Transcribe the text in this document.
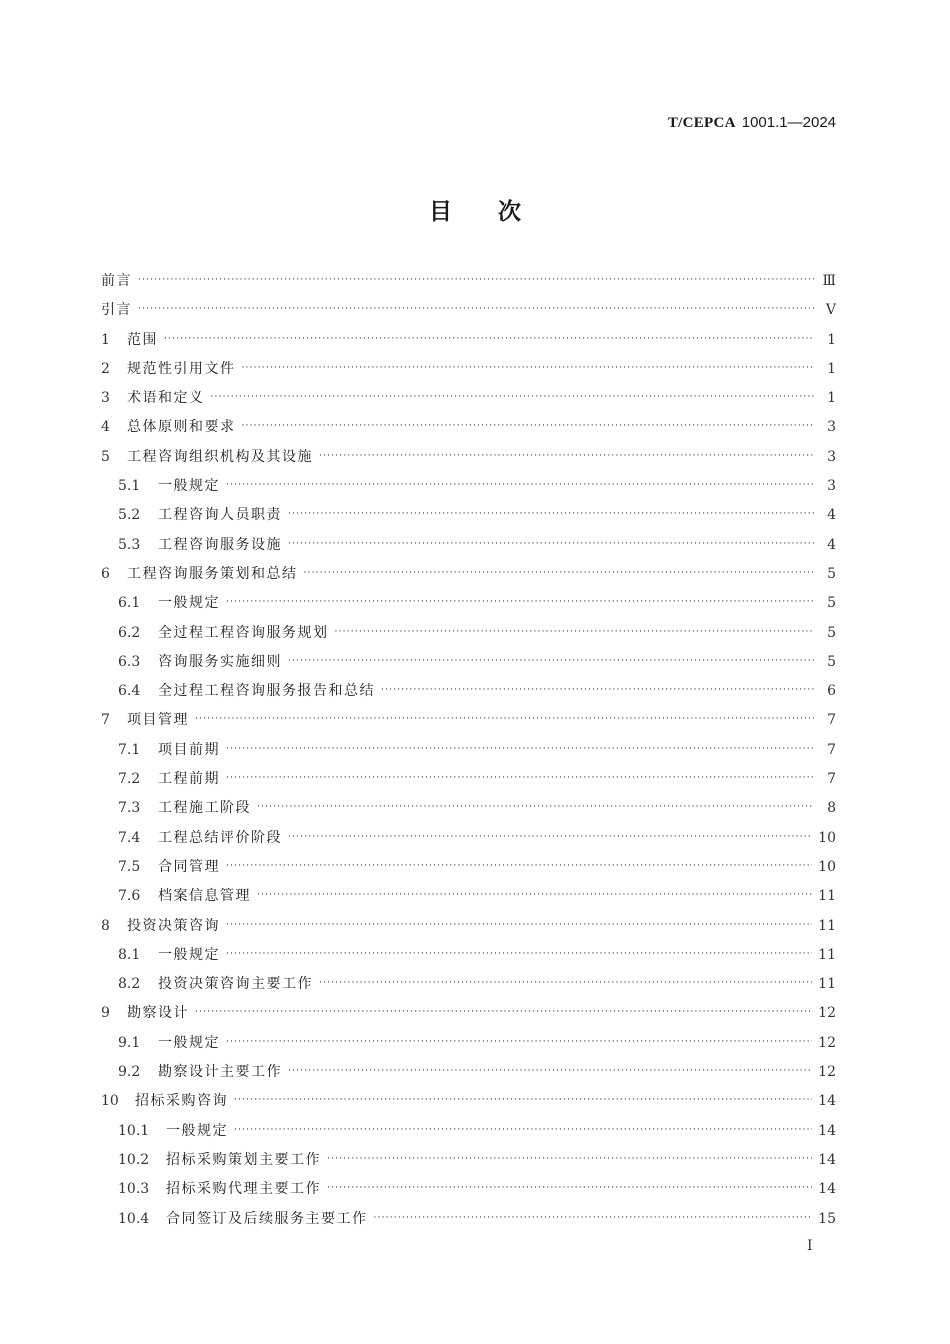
T/CEPCA 1001.1—2024
目次
前言 ·····	Ⅲ
引言 ·····	Ⅴ
1 范围 ·····	1
2 规范性引用文件 ·····	1
3 术语和定义 ·····	1
4 总体原则和要求 ·····	3
5 工程咨询组织机构及其设施 ·····	3
5.1 一般规定 ·····	3
5.2 工程咨询人员职责 ·····	4
5.3 工程咨询服务设施 ·····	4
6 工程咨询服务策划和总结 ·····	5
6.1 一般规定 ·····	5
6.2 全过程工程咨询服务规划 ·····	5
6.3 咨询服务实施细则 ·····	5
6.4 全过程工程咨询服务报告和总结 ·····	6
7 项目管理 ·····	7
7.1 项目前期 ·····	7
7.2 工程前期 ·····	7
7.3 工程施工阶段 ·····	8
7.4 工程总结评价阶段 ·····	10
7.5 合同管理 ·····	10
7.6 档案信息管理 ·····	11
8 投资决策咨询 ·····	11
8.1 一般规定 ·····	11
8.2 投资决策咨询主要工作 ·····	11
9 勘察设计 ·····	12
9.1 一般规定 ·····	12
9.2 勘察设计主要工作 ·····	12
10 招标采购咨询 ·····	14
10.1 一般规定 ·····	14
10.2 招标采购策划主要工作 ·····	14
10.3 招标采购代理主要工作 ·····	14
10.4 合同签订及后续服务主要工作 ·····	15
Ⅰ
